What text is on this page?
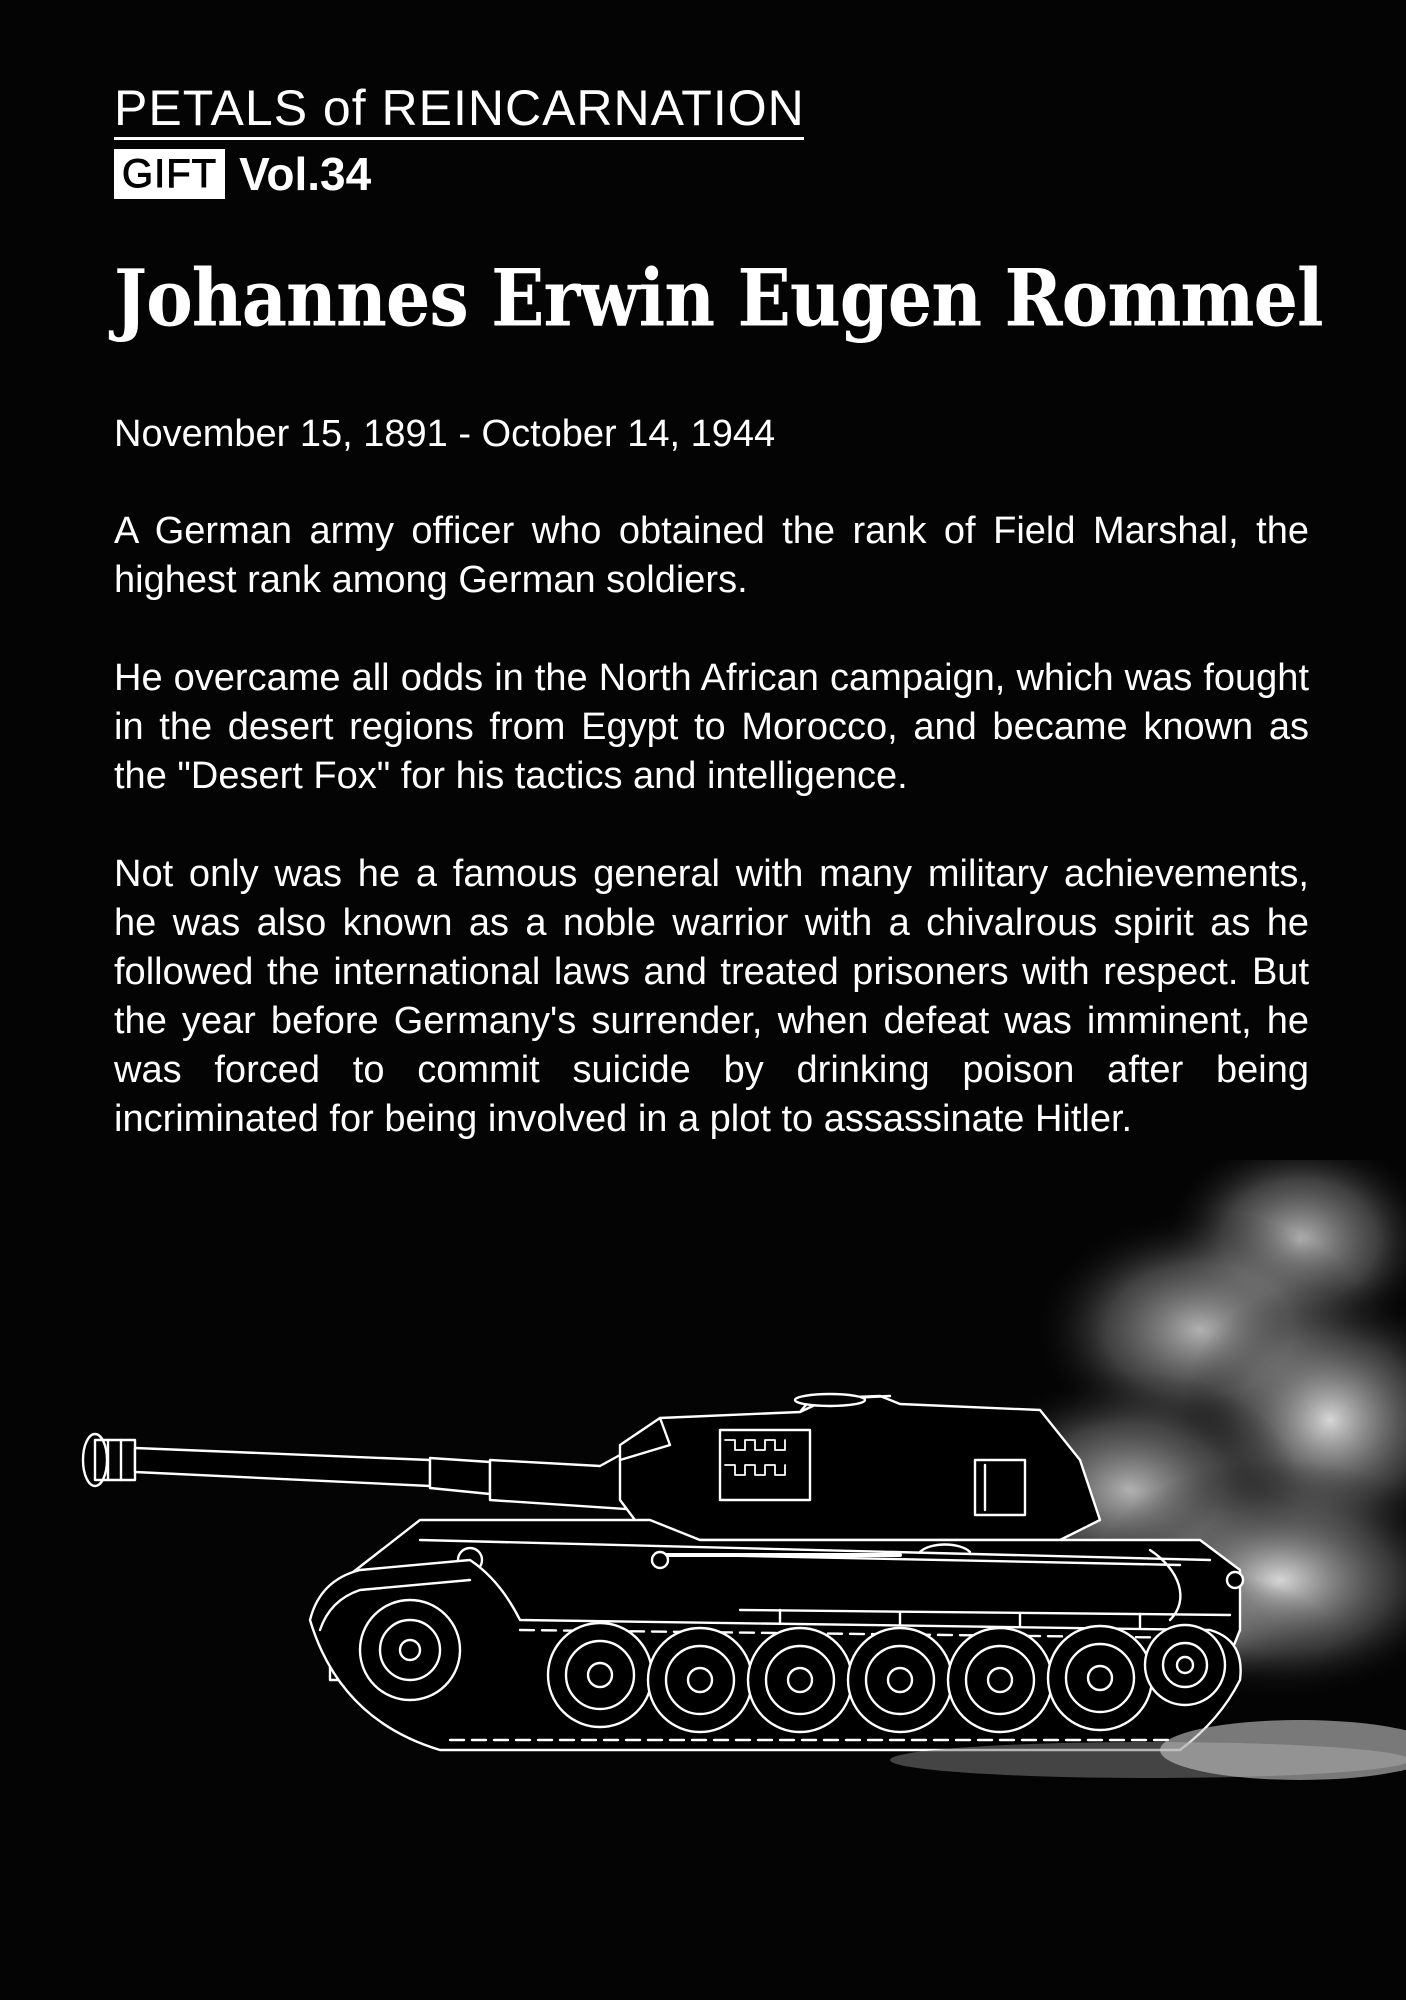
PETALS of REINCARNATION
GIFT Vol.34
Johannes Erwin Eugen Rommel
November 15, 1891 - October 14, 1944
A German army officer who obtained the rank of Field Marshal, the highest rank among German soldiers.
He overcame all odds in the North African campaign, which was fought in the desert regions from Egypt to Morocco, and became known as the "Desert Fox" for his tactics and intelligence.
Not only was he a famous general with many military achievements, he was also known as a noble warrior with a chivalrous spirit as he followed the international laws and treated prisoners with respect. But the year before Germany's surrender, when defeat was imminent, he was forced to commit suicide by drinking poison after being incriminated for being involved in a plot to assassinate Hitler.
